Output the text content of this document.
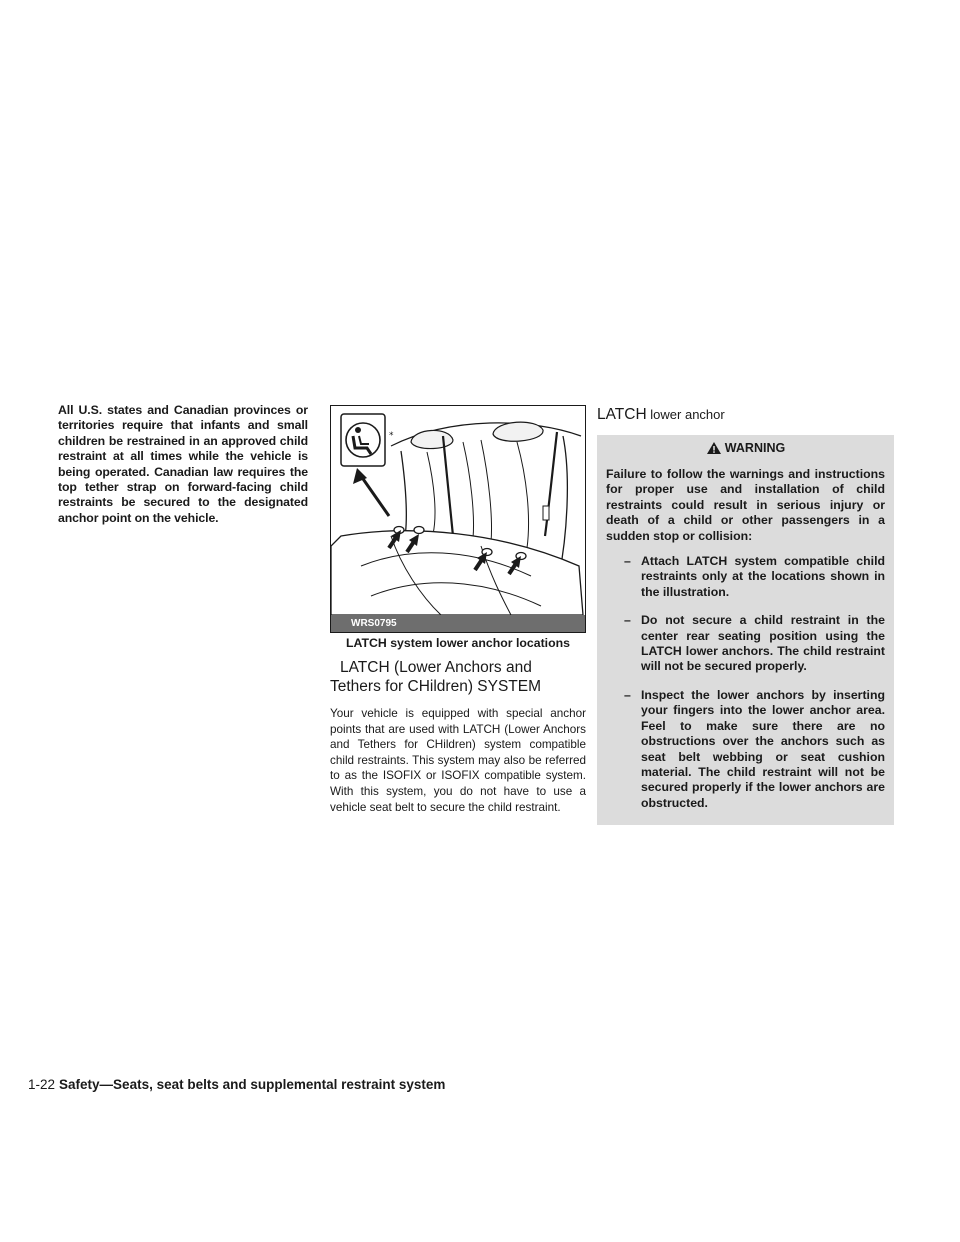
All U.S. states and Canadian provinces or territories require that infants and small children be restrained in an approved child restraint at all times while the vehicle is being operated. Canadian law requires the top tether strap on forward-facing child restraints be secured to the designated anchor point on the vehicle.

*
WRS0795
LATCH system lower anchor locations
LATCH (Lower Anchors and Tethers for CHildren) SYSTEM

Your vehicle is equipped with special anchor points that are used with LATCH (Lower Anchors and Tethers for CHildren) system compatible child restraints. This system may also be referred to as the ISOFIX or ISOFIX compatible system. With this system, you do not have to use a vehicle seat belt to secure the child restraint.

LATCH lower anchor
WARNING

Failure to follow the warnings and instructions for proper use and installation of child restraints could result in serious injury or death of a child or other passengers in a sudden stop or collision:

– Attach LATCH system compatible child restraints only at the locations shown in the illustration.
– Do not secure a child restraint in the center rear seating position using the LATCH lower anchors. The child restraint will not be secured properly.
– Inspect the lower anchors by inserting your fingers into the lower anchor area. Feel to make sure there are no obstructions over the anchors such as seat belt webbing or seat cushion material. The child restraint will not be secured properly if the lower anchors are obstructed.
1-22 Safety—Seats, seat belts and supplemental restraint system
